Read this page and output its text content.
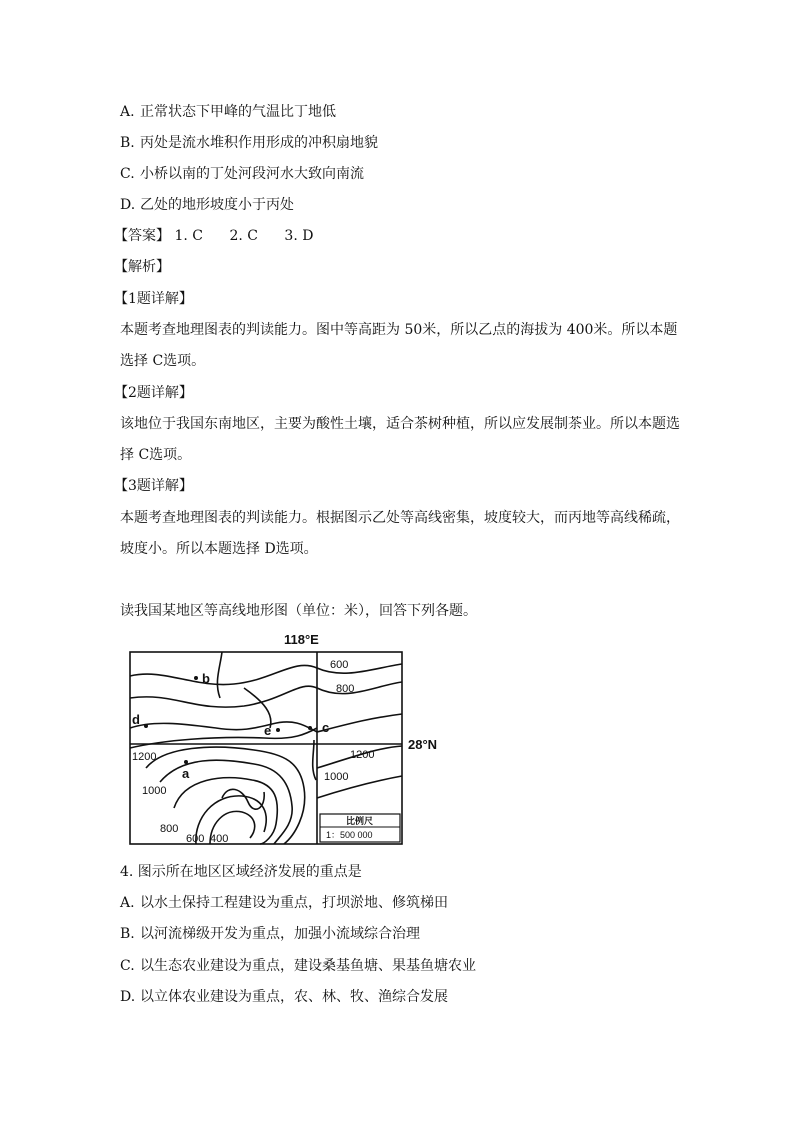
A. 正常状态下甲峰的气温比丁地低
B. 丙处是流水堆积作用形成的冲积扇地貌
C. 小桥以南的丁处河段河水大致向南流
D. 乙处的地形坡度小于丙处
【答案】 1. C 2. C 3. D
【解析】
【1题详解】
本题考查地理图表的判读能力。图中等高距为 50米，所以乙点的海拔为 400米。所以本题
选择 C选项。
【2题详解】
该地位于我国东南地区，主要为酸性土壤，适合茶树种植，所以应发展制茶业。所以本题选
择 C选项。
【3题详解】
本题考查地理图表的判读能力。根据图示乙处等高线密集，坡度较大，而丙地等高线稀疏，
坡度小。所以本题选择 D选项。
读我国某地区等高线地形图（单位：米），回答下列各题。
118°E
b
d
e	c
a
28°N
600
800
1200	1200
1000
1000
800
600 400
比例尺
1：500 000
4. 图示所在地区区域经济发展的重点是
A. 以水土保持工程建设为重点，打坝淤地、修筑梯田
B. 以河流梯级开发为重点，加强小流域综合治理
C. 以生态农业建设为重点，建设桑基鱼塘、果基鱼塘农业
D. 以立体农业建设为重点，农、林、牧、渔综合发展
